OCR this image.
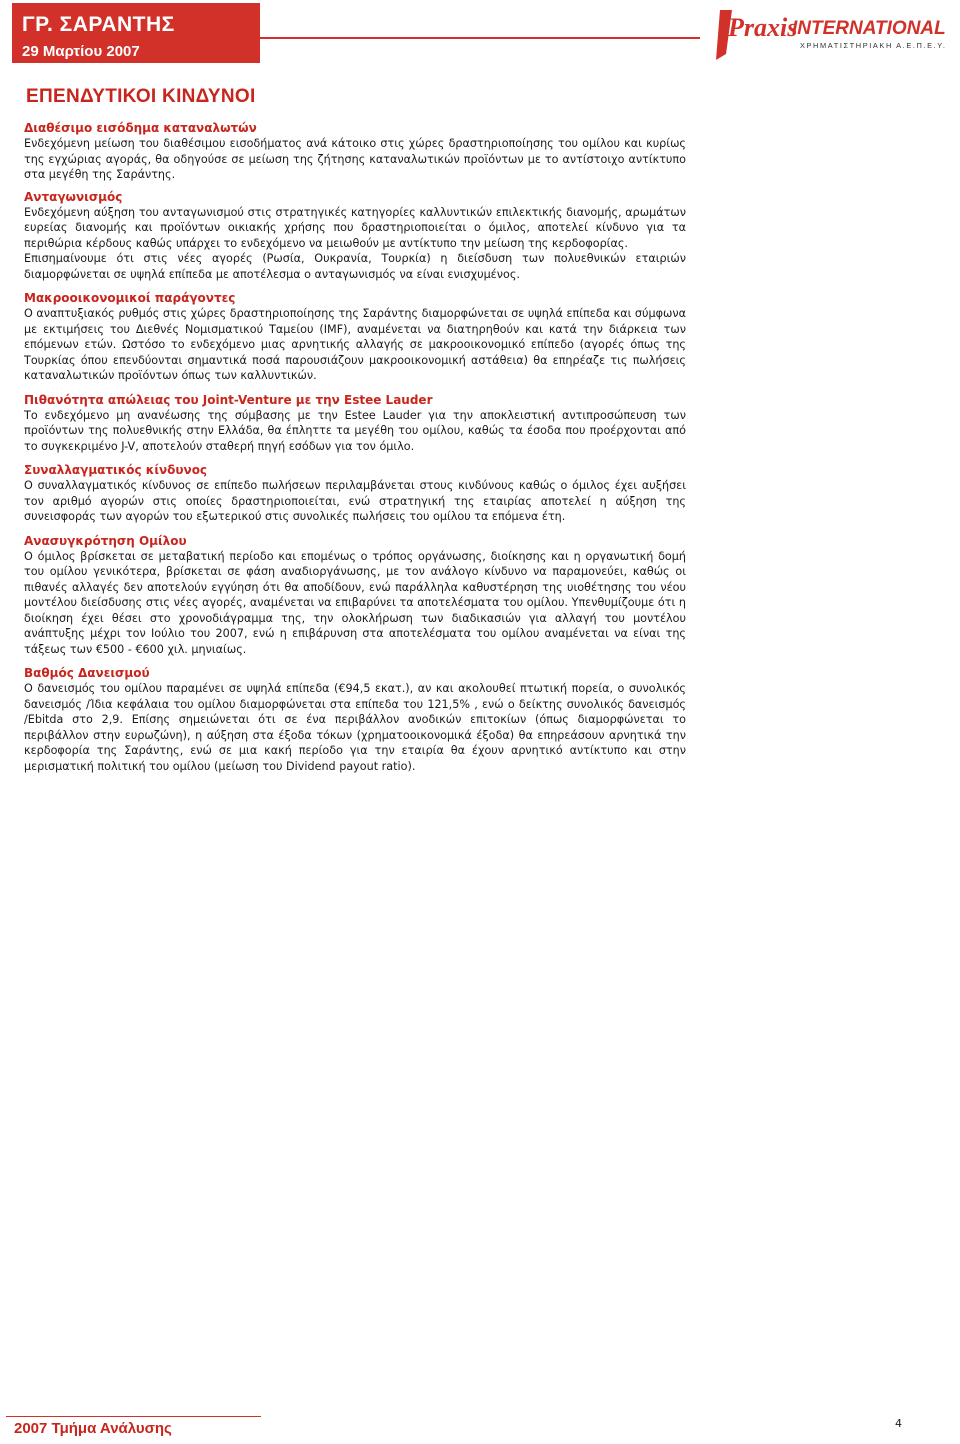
ΓΡ. ΣΑΡΑΝΤΗΣ
29 Μαρτίου 2007
Praxis
INTERNATIONAL
ΧΡΗΜΑΤΙΣΤΗΡΙΑΚΗ Α.Ε.Π.Ε.Υ.
ΕΠΕΝΔΥΤΙΚΟΙ ΚΙΝΔΥΝΟΙ

Διαθέσιμο εισόδημα καταναλωτών

Ενδεχόμενη μείωση του διαθέσιμου εισοδήματος ανά κάτοικο στις χώρες δραστηριοποίησης του ομίλου και κυρίως της εγχώριας αγοράς, θα οδηγούσε σε μείωση της ζήτησης καταναλωτικών προϊόντων με το αντίστοιχο αντίκτυπο στα μεγέθη της Σαράντης.

Ανταγωνισμός

Ενδεχόμενη αύξηση του ανταγωνισμού στις στρατηγικές κατηγορίες καλλυντικών επιλεκτικής διανομής, αρωμάτων ευρείας διανομής και προϊόντων οικιακής χρήσης που δραστηριοποιείται ο όμιλος, αποτελεί κίνδυνο για τα περιθώρια κέρδους καθώς υπάρχει το ενδεχόμενο να μειωθούν με αντίκτυπο την μείωση της κερδοφορίας.

Επισημαίνουμε ότι στις νέες αγορές (Ρωσία, Ουκρανία, Τουρκία) η διείσδυση των πολυεθνικών εταιριών διαμορφώνεται σε υψηλά επίπεδα με αποτέλεσμα ο ανταγωνισμός να είναι ενισχυμένος.

Μακροοικονομικοί παράγοντες

Ο αναπτυξιακός ρυθμός στις χώρες δραστηριοποίησης της Σαράντης διαμορφώνεται σε υψηλά επίπεδα και σύμφωνα με εκτιμήσεις του Διεθνές Νομισματικού Ταμείου (IMF), αναμένεται να διατηρηθούν και κατά την διάρκεια των επόμενων ετών. Ωστόσο το ενδεχόμενο μιας αρνητικής αλλαγής σε μακροοικονομικό επίπεδο (αγορές όπως της Τουρκίας όπου επενδύονται σημαντικά ποσά παρουσιάζουν μακροοικονομική αστάθεια) θα επηρέαζε τις πωλήσεις καταναλωτικών προϊόντων όπως των καλλυντικών.

Πιθανότητα απώλειας του Joint-Venture με την Estee Lauder

Το ενδεχόμενο μη ανανέωσης της σύμβασης με την Estee Lauder για την αποκλειστική αντιπροσώπευση των προϊόντων της πολυεθνικής στην Ελλάδα, θα έπληττε τα μεγέθη του ομίλου, καθώς τα έσοδα που προέρχονται από το συγκεκριμένο J-V, αποτελούν σταθερή πηγή εσόδων για τον όμιλο.

Συναλλαγματικός κίνδυνος

Ο συναλλαγματικός κίνδυνος σε επίπεδο πωλήσεων περιλαμβάνεται στους κινδύνους καθώς ο όμιλος έχει αυξήσει τον αριθμό αγορών στις οποίες δραστηριοποιείται, ενώ στρατηγική της εταιρίας αποτελεί η αύξηση της συνεισφοράς των αγορών του εξωτερικού στις συνολικές πωλήσεις του ομίλου τα επόμενα έτη.

Ανασυγκρότηση Ομίλου

Ο όμιλος βρίσκεται σε μεταβατική περίοδο και επομένως ο τρόπος οργάνωσης, διοίκησης και η οργανωτική δομή του ομίλου γενικότερα, βρίσκεται σε φάση αναδιοργάνωσης, με τον ανάλογο κίνδυνο να παραμονεύει, καθώς οι πιθανές αλλαγές δεν αποτελούν εγγύηση ότι θα αποδίδουν, ενώ παράλληλα καθυστέρηση της υιοθέτησης του νέου μοντέλου διείσδυσης στις νέες αγορές, αναμένεται να επιβαρύνει τα αποτελέσματα του ομίλου. Υπενθυμίζουμε ότι η διοίκηση έχει θέσει στο χρονοδιάγραμμα της, την ολοκλήρωση των διαδικασιών για αλλαγή του μοντέλου ανάπτυξης μέχρι τον Ιούλιο του 2007, ενώ η επιβάρυνση στα αποτελέσματα του ομίλου αναμένεται να είναι της τάξεως των €500 - €600 χιλ. μηνιαίως.

Βαθμός Δανεισμού

Ο δανεισμός του ομίλου παραμένει σε υψηλά επίπεδα (€94,5 εκατ.), αν και ακολουθεί πτωτική πορεία, ο συνολικός δανεισμός /Ίδια κεφάλαια του ομίλου διαμορφώνεται στα επίπεδα του 121,5% , ενώ ο δείκτης συνολικός δανεισμός /Ebitda στο 2,9. Επίσης σημειώνεται ότι σε ένα περιβάλλον ανοδικών επιτοκίων (όπως διαμορφώνεται το περιβάλλον στην ευρωζώνη), η αύξηση στα έξοδα τόκων (χρηματοοικονομικά έξοδα) θα επηρεάσουν αρνητικά την κερδοφορία της Σαράντης, ενώ σε μια κακή περίοδο για την εταιρία θα έχουν αρνητικό αντίκτυπο και στην μερισματική πολιτική του ομίλου (μείωση του Dividend payout ratio).

2007 Τμήμα Ανάλυσης	4
